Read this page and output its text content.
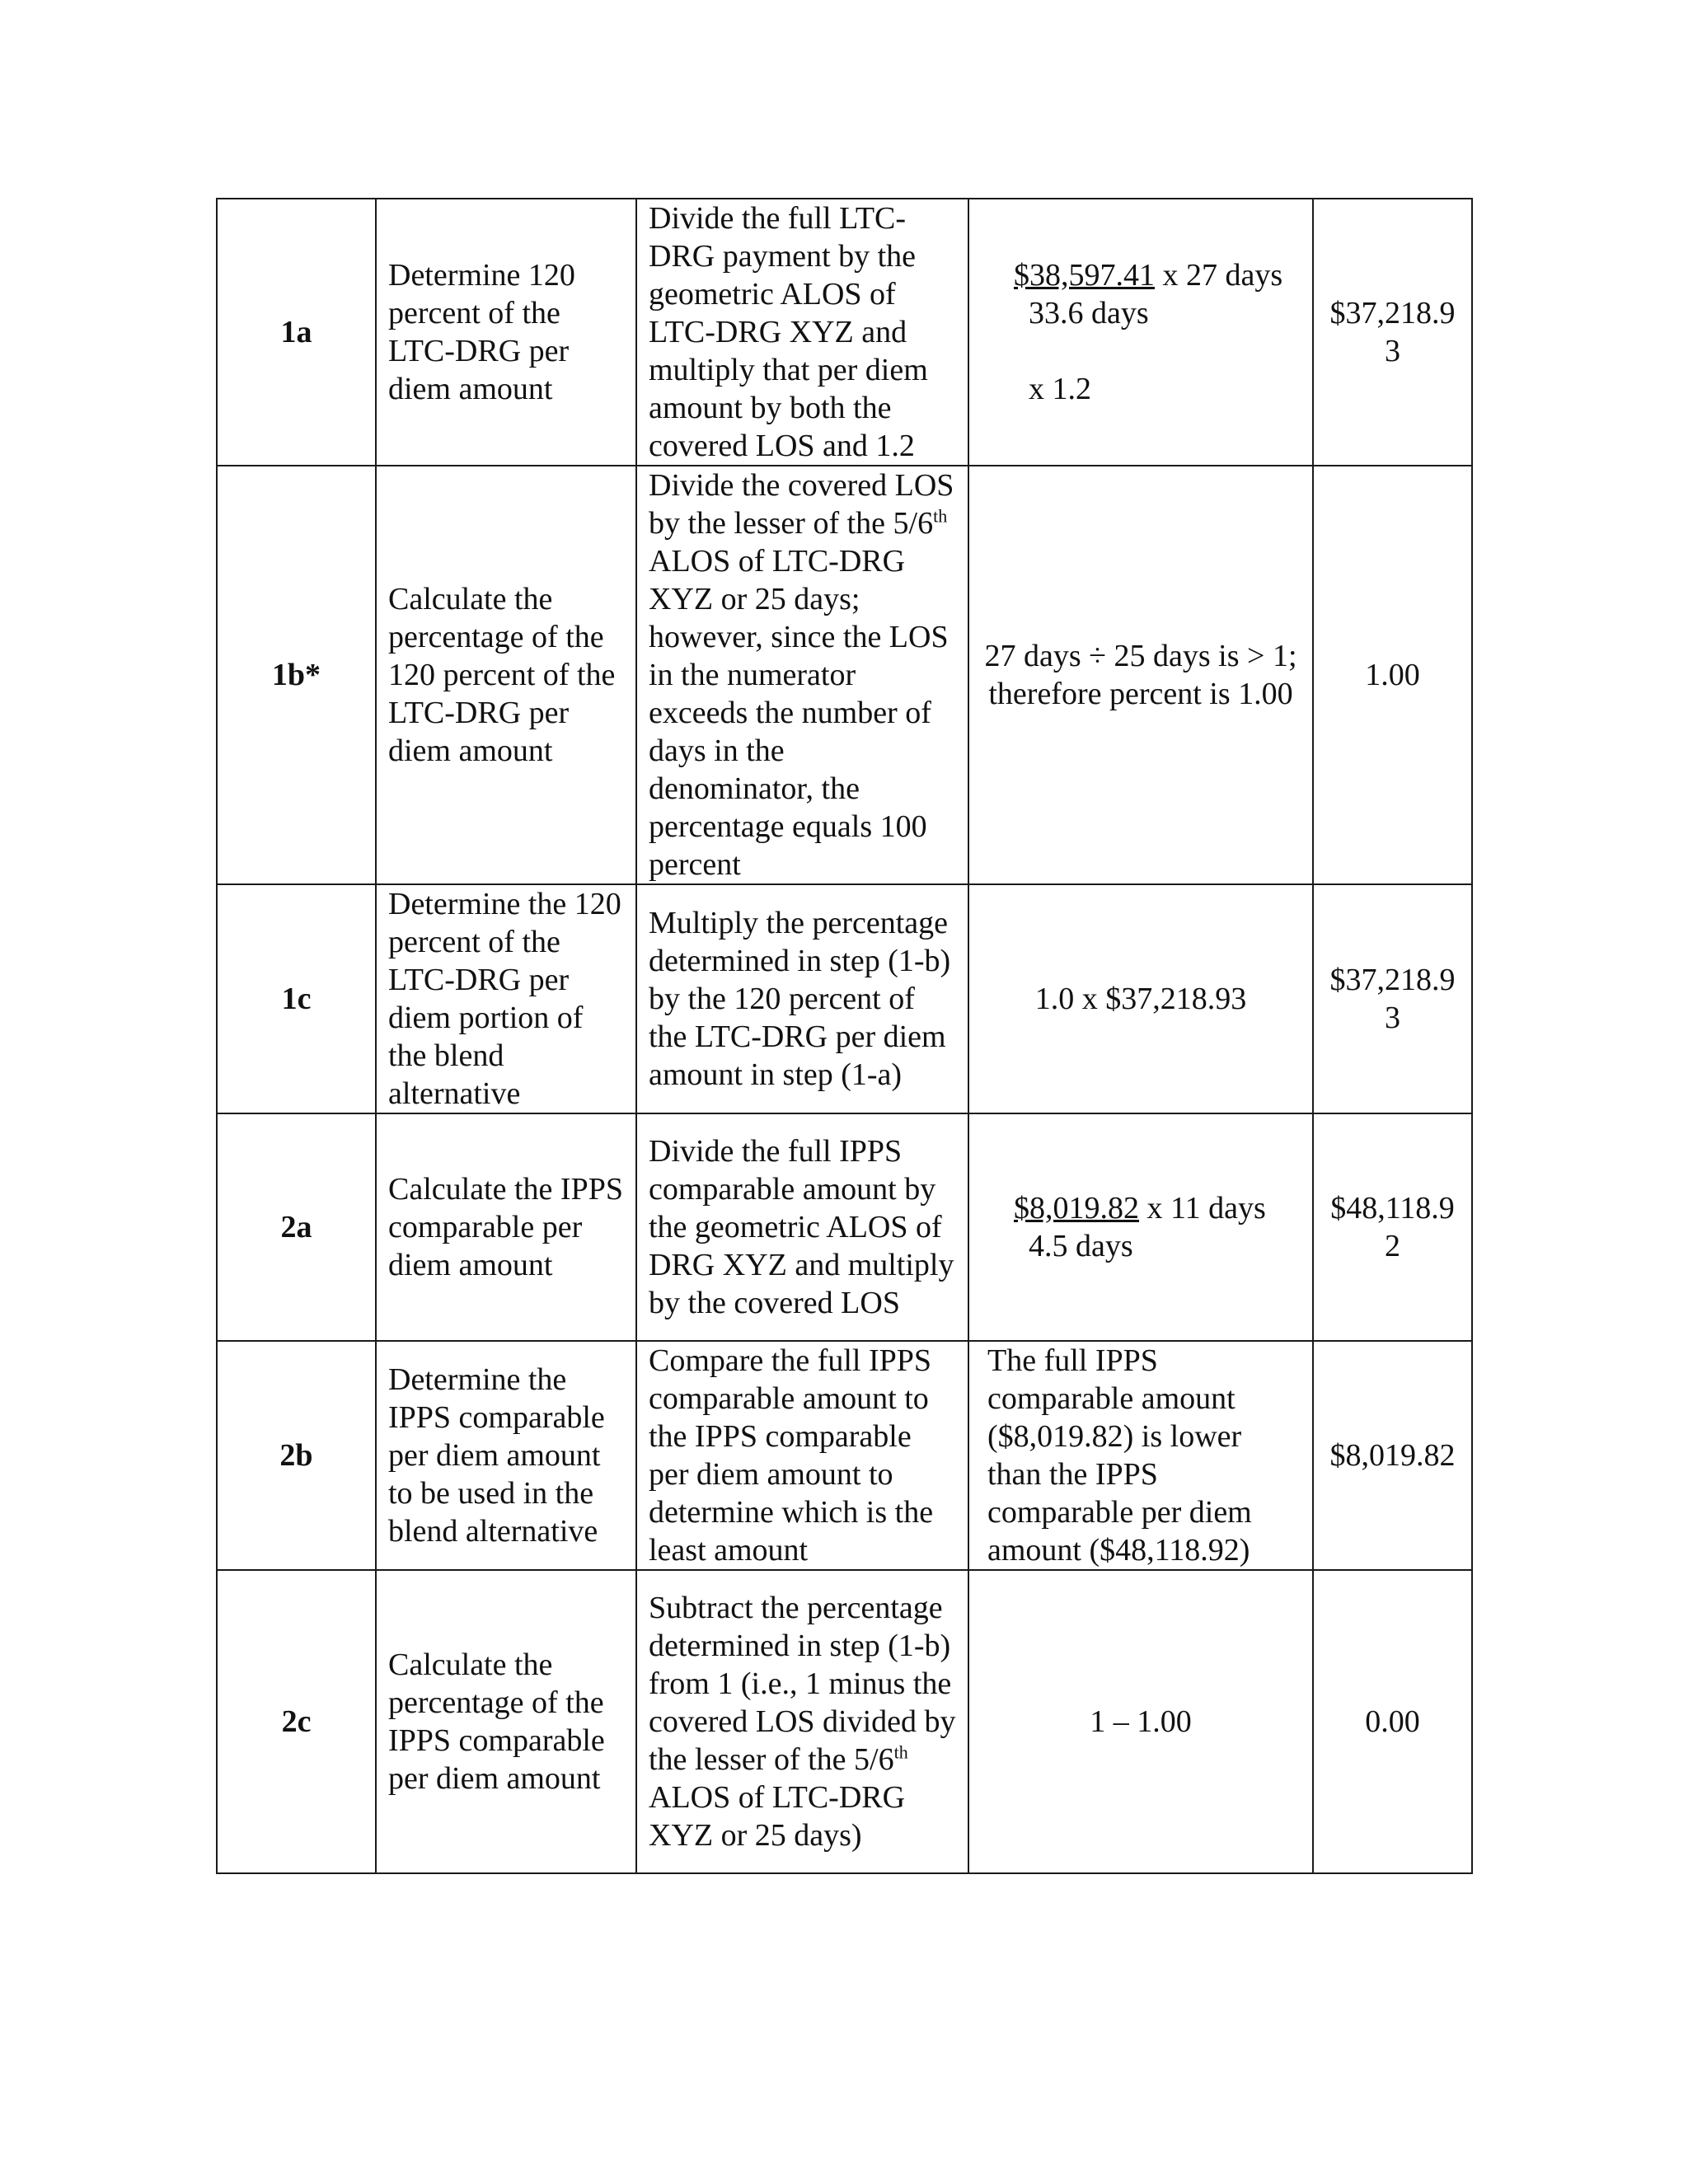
1a	Determine 120 percent of the LTC-DRG per diem amount	Divide the full LTC-DRG payment by the geometric ALOS of LTC-DRG XYZ and multiply that per diem amount by both the covered LOS and 1.2	$38,597.41 x 27 days
33.6 days
x 1.2	$37,218.93
1b*	Calculate the percentage of the 120 percent of the LTC-DRG per diem amount	Divide the covered LOS by the lesser of the 5/6th ALOS of LTC-DRG XYZ or 25 days; however, since the LOS in the numerator exceeds the number of days in the denominator, the percentage equals 100 percent	27 days ÷ 25 days is > 1; therefore percent is 1.00	1.00
1c	Determine the 120 percent of the LTC-DRG per diem portion of the blend alternative	Multiply the percentage determined in step (1-b) by the 120 percent of the LTC-DRG per diem amount in step (1-a)	1.0 x $37,218.93	$37,218.93
2a	Calculate the IPPS comparable per diem amount	Divide the full IPPS comparable amount by the geometric ALOS of DRG XYZ and multiply by the covered LOS	$8,019.82 x 11 days
4.5 days	$48,118.92
2b	Determine the IPPS comparable per diem amount to be used in the blend alternative	Compare the full IPPS comparable amount to the IPPS comparable per diem amount to determine which is the least amount	The full IPPS comparable amount ($8,019.82) is lower than the IPPS comparable per diem amount ($48,118.92)	$8,019.82
2c	Calculate the percentage of the IPPS comparable per diem amount	Subtract the percentage determined in step (1-b) from 1 (i.e., 1 minus the covered LOS divided by the lesser of the 5/6th ALOS of LTC-DRG XYZ or 25 days)	1 – 1.00	0.00
